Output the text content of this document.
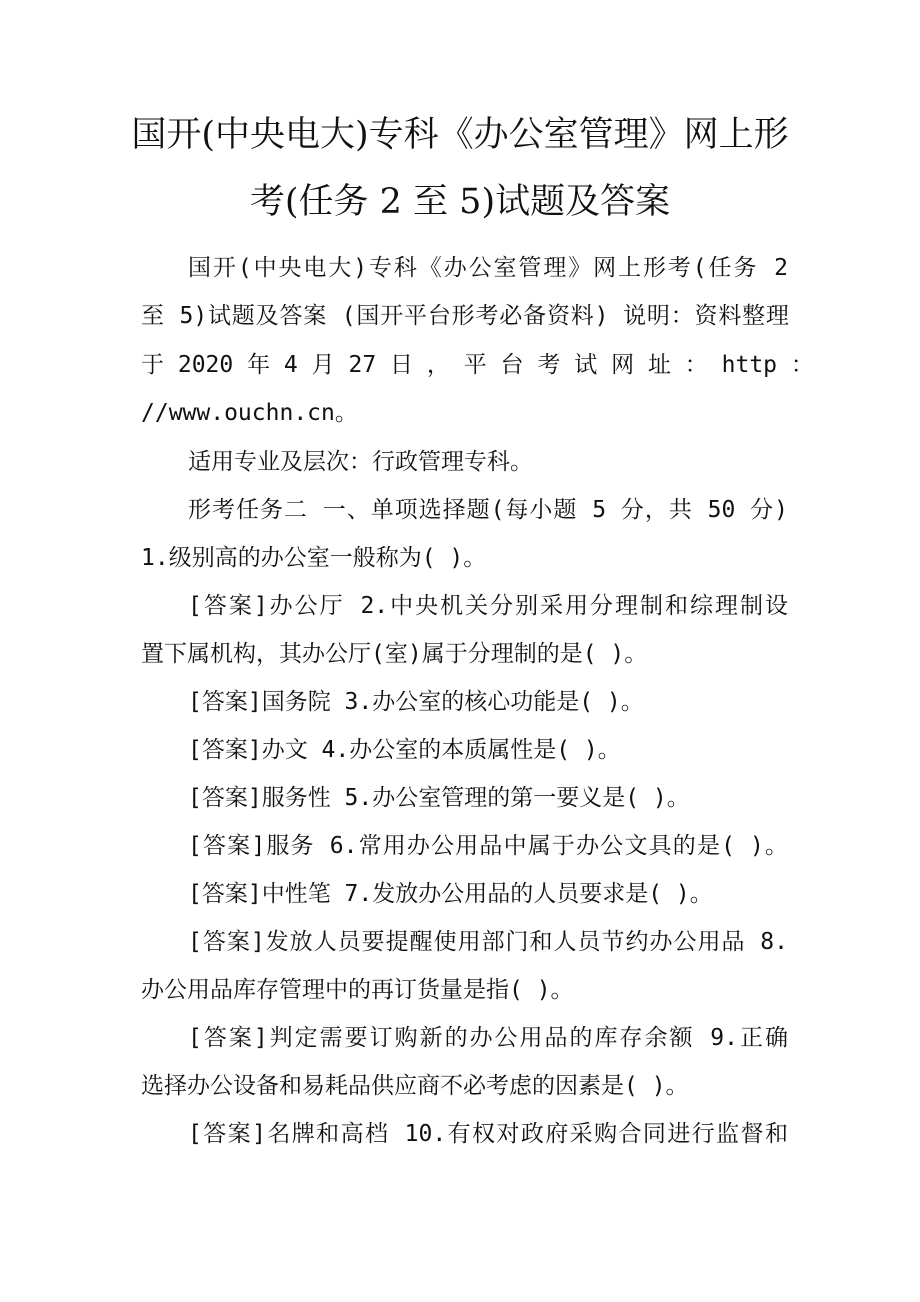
国开(中央电大)专科《办公室管理》网上形
考(任务 2 至 5)试题及答案

国开(中央电大)专科《办公室管理》网上形考(任务 2

至 5)试题及答案 (国开平台形考必备资料) 说明：资料整理

于 2020 年 4 月 27 日 ， 平 台 考 试 网 址 ： http ：

//www.ouchn.cn。

适用专业及层次：行政管理专科。

形考任务二 一、单项选择题(每小题 5 分，共 50 分)

1.级别高的办公室一般称为( )。

[答案]办公厅 2.中央机关分别采用分理制和综理制设

置下属机构，其办公厅(室)属于分理制的是( )。

[答案]国务院 3.办公室的核心功能是( )。

[答案]办文 4.办公室的本质属性是( )。

[答案]服务性 5.办公室管理的第一要义是( )。

[答案]服务 6.常用办公用品中属于办公文具的是( )。

[答案]中性笔 7.发放办公用品的人员要求是( )。

[答案]发放人员要提醒使用部门和人员节约办公用品 8.

办公用品库存管理中的再订货量是指( )。

[答案]判定需要订购新的办公用品的库存余额 9.正确

选择办公设备和易耗品供应商不必考虑的因素是( )。

[答案]名牌和高档 10.有权对政府采购合同进行监督和
